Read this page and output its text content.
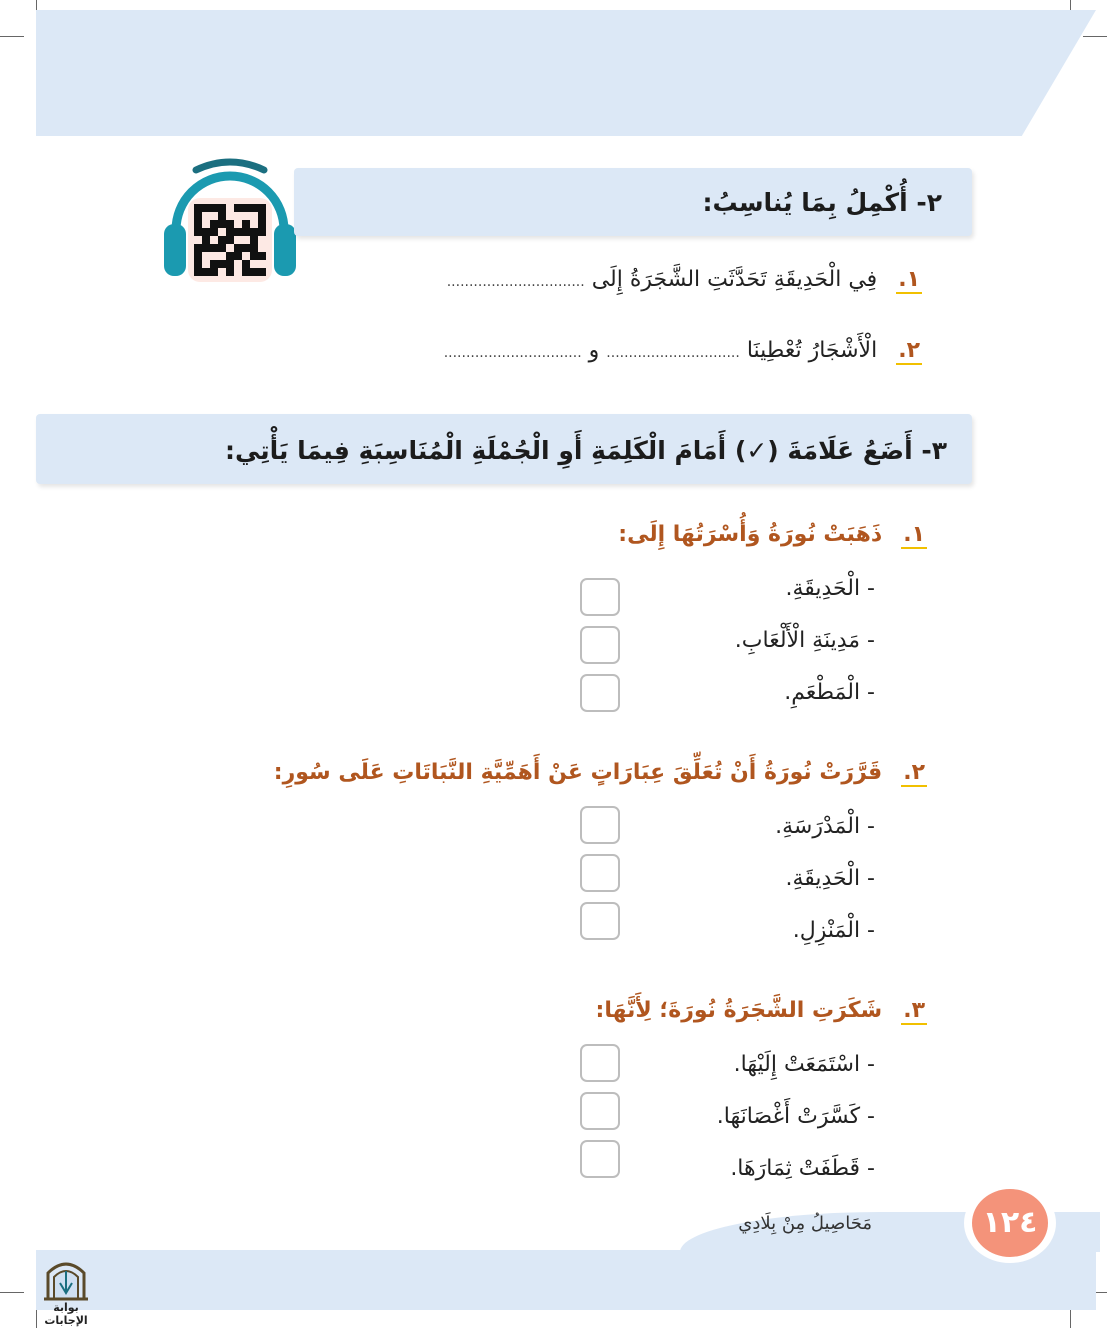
٢- أُكْمِلُ بِمَا يُناسِبُ:
١. فِي الْحَدِيقَةِ تَحَدَّثَتِ الشَّجَرَةُ إِلَى ...............................
٢. الْأَشْجَارُ تُعْطِينَا .............................. و ...............................
٣- أَضَعُ عَلَامَةَ (✓) أَمَامَ الْكَلِمَةِ أَوِ الْجُمْلَةِ الْمُنَاسِبَةِ فِيمَا يَأْتِي:
١. ذَهَبَتْ نُورَةُ وَأُسْرَتُهَا إِلَى:
- الْحَدِيقَةِ.
- مَدِينَةِ الْأَلْعَابِ.
- الْمَطْعَمِ.
٢. قَرَّرَتْ نُورَةُ أَنْ تُعَلِّقَ عِبَارَاتٍ عَنْ أَهَمِّيَّةِ النَّبَاتَاتِ عَلَى سُورِ:
- الْمَدْرَسَةِ.
- الْحَدِيقَةِ.
- الْمَنْزِلِ.
٣. شَكَرَتِ الشَّجَرَةُ نُورَةَ؛ لِأَنَّهَا:
- اسْتَمَعَتْ إِلَيْهَا.
- كَسَّرَتْ أَغْصَانَهَا.
- قَطَفَتْ ثِمَارَهَا.
مَحَاصِيلُ مِنْ بِلَادِي	١٢٤
بوابة الإجابات
